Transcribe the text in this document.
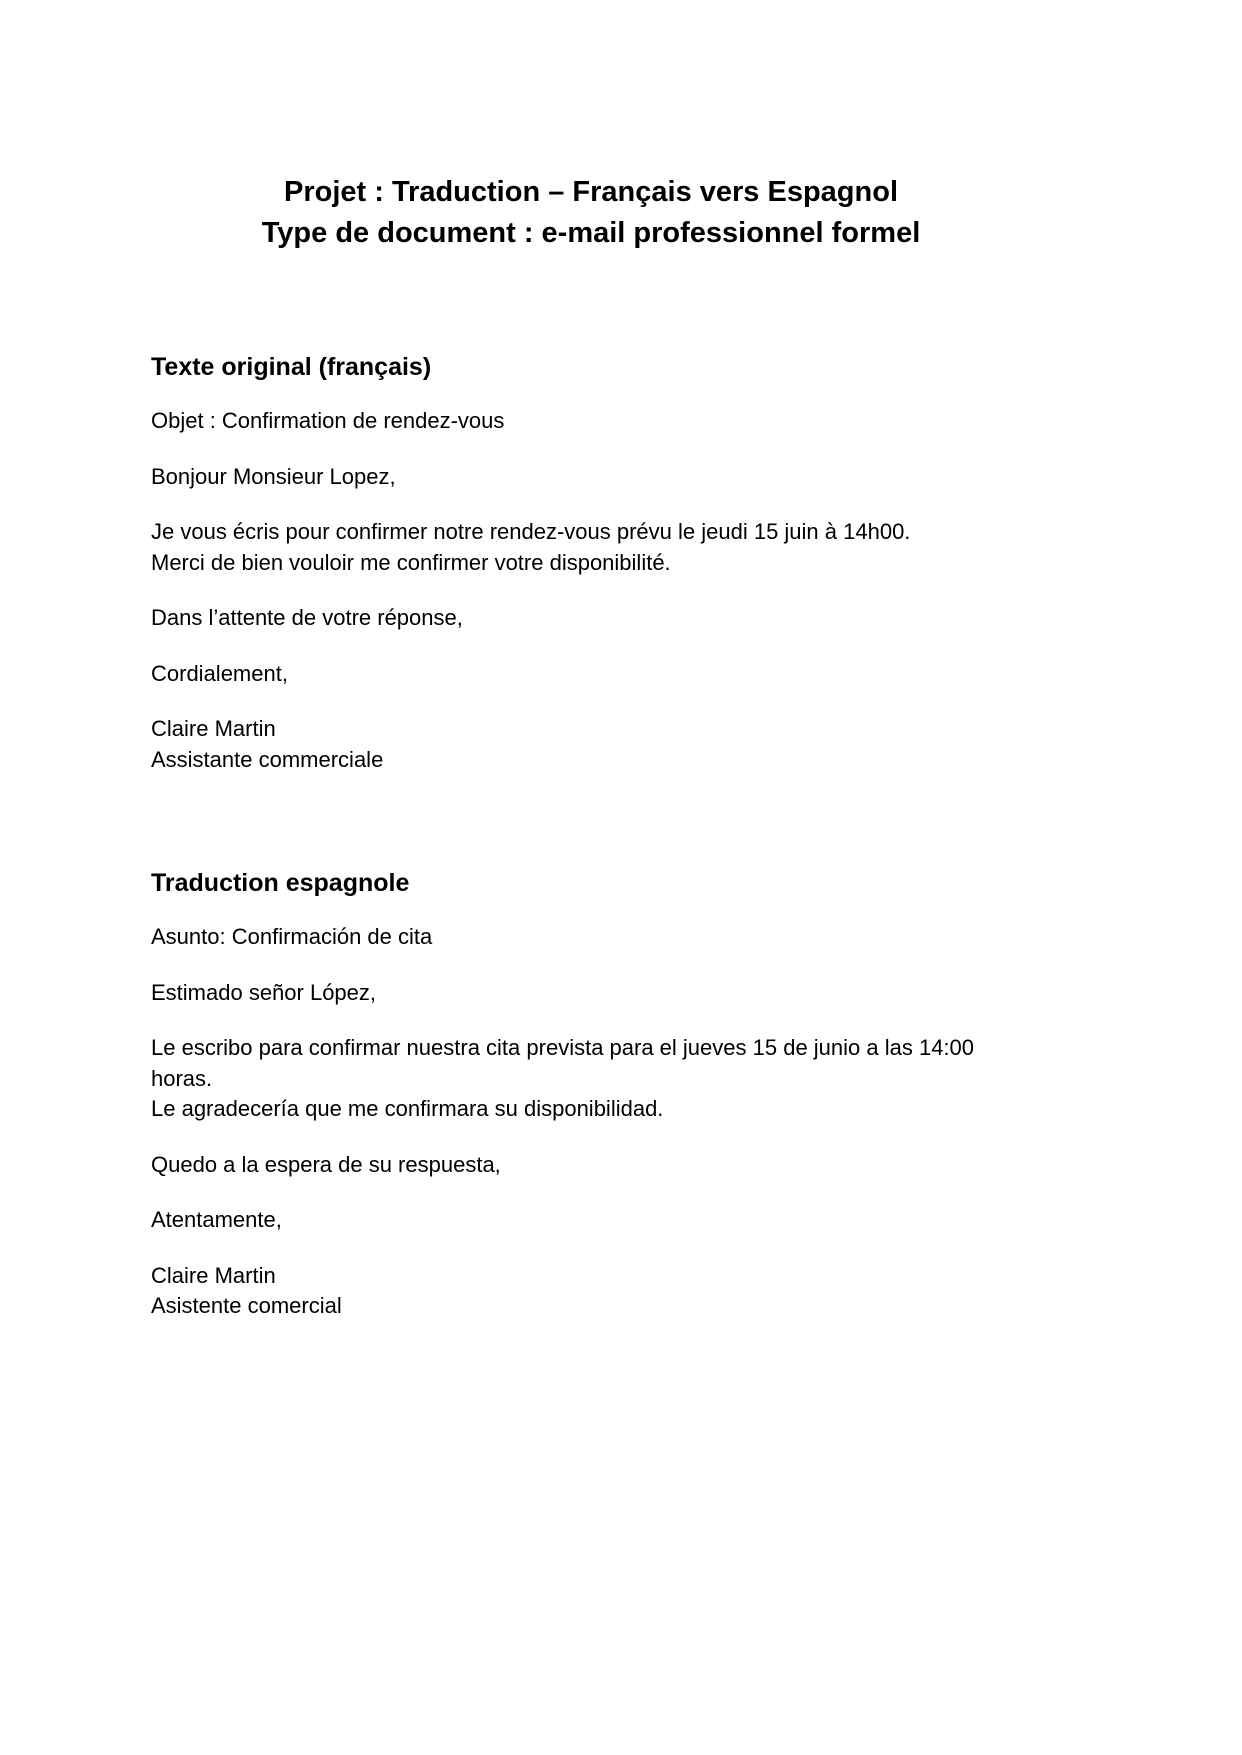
Projet : Traduction – Français vers Espagnol
Type de document : e-mail professionnel formel
Texte original (français)

Objet : Confirmation de rendez-vous

Bonjour Monsieur Lopez,

Je vous écris pour confirmer notre rendez-vous prévu le jeudi 15 juin à 14h00.
Merci de bien vouloir me confirmer votre disponibilité.

Dans l’attente de votre réponse,

Cordialement,

Claire Martin
Assistante commerciale

Traduction espagnole

Asunto: Confirmación de cita

Estimado señor López,

Le escribo para confirmar nuestra cita prevista para el jueves 15 de junio a las 14:00
horas.
Le agradecería que me confirmara su disponibilidad.

Quedo a la espera de su respuesta,

Atentamente,

Claire Martin
Asistente comercial
